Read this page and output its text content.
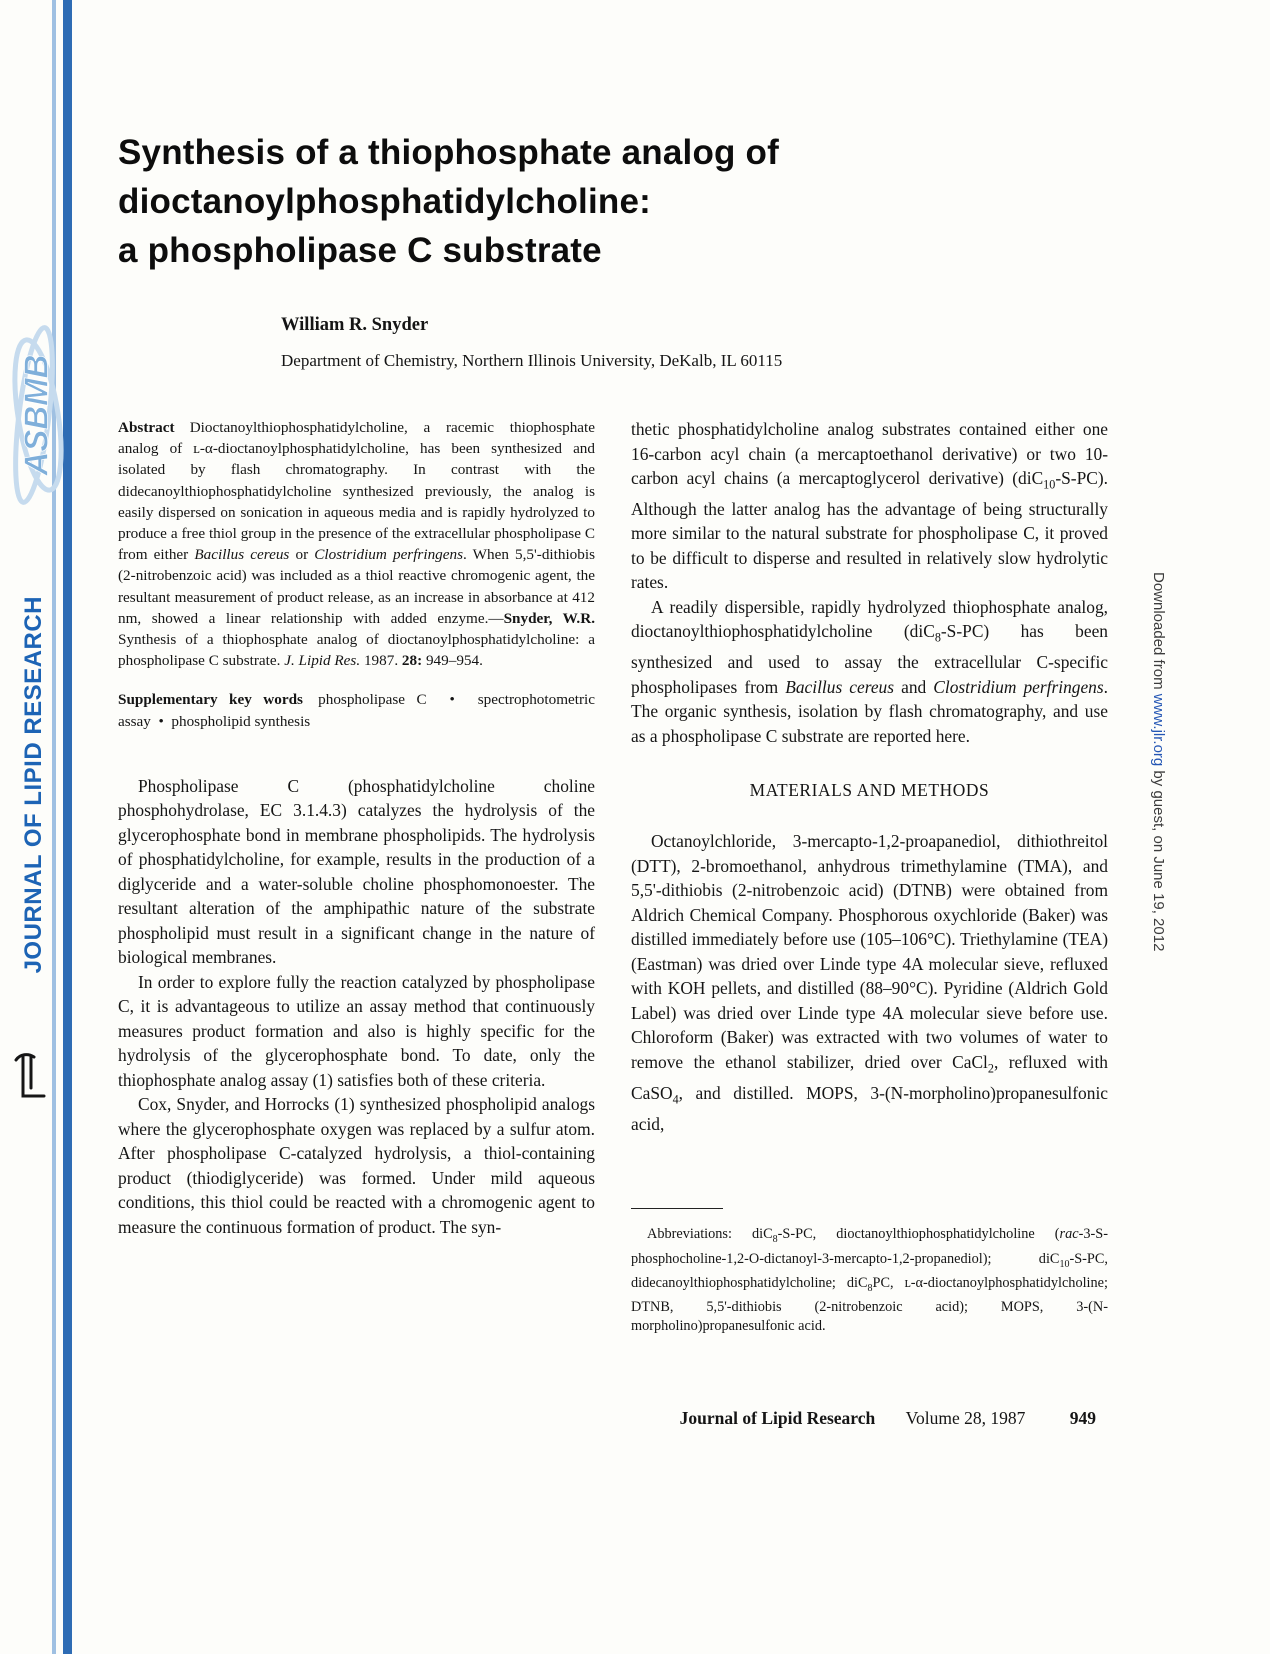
ASBMB
JOURNAL OF LIPID RESEARCH	Downloaded from www.jlr.org by guest, on June 19, 2012
Synthesis of a thiophosphate analog of
dioctanoylphosphatidylcholine:
a phospholipase C substrate
William R. Snyder
Department of Chemistry, Northern Illinois University, DeKalb, IL 60115
Abstract Dioctanoylthiophosphatidylcholine, a racemic thiophosphate analog of ʟ-α-dioctanoylphosphatidylcholine, has been synthesized and isolated by flash chromatography. In contrast with the didecanoylthiophosphatidylcholine synthesized previously, the analog is easily dispersed on sonication in aqueous media and is rapidly hydrolyzed to produce a free thiol group in the presence of the extracellular phospholipase C from either Bacillus cereus or Clostridium perfringens. When 5,5'-dithiobis (2-nitrobenzoic acid) was included as a thiol reactive chromogenic agent, the resultant measurement of product release, as an increase in absorbance at 412 nm, showed a linear relationship with added enzyme.—Snyder, W.R. Synthesis of a thiophosphate analog of dioctanoylphosphatidylcholine: a phospholipase C substrate. J. Lipid Res. 1987. 28: 949–954.
Supplementary key words phospholipase C  •  spectrophotometric assay  •  phospholipid synthesis

Phospholipase C (phosphatidylcholine choline phosphohydrolase, EC 3.1.4.3) catalyzes the hydrolysis of the glycerophosphate bond in membrane phospholipids. The hydrolysis of phosphatidylcholine, for example, results in the production of a diglyceride and a water-soluble choline phosphomonoester. The resultant alteration of the amphipathic nature of the substrate phospholipid must result in a significant change in the nature of biological membranes.

In order to explore fully the reaction catalyzed by phospholipase C, it is advantageous to utilize an assay method that continuously measures product formation and also is highly specific for the hydrolysis of the glycerophosphate bond. To date, only the thiophosphate analog assay (1) satisfies both of these criteria.

Cox, Snyder, and Horrocks (1) synthesized phospholipid analogs where the glycerophosphate oxygen was replaced by a sulfur atom. After phospholipase C-catalyzed hydrolysis, a thiol-containing product (thiodiglyceride) was formed. Under mild aqueous conditions, this thiol could be reacted with a chromogenic agent to measure the continuous formation of product. The syn-

thetic phosphatidylcholine analog substrates contained either one 16-carbon acyl chain (a mercaptoethanol derivative) or two 10-carbon acyl chains (a mercaptoglycerol derivative) (diC$_{10}$-S-PC). Although the latter analog has the advantage of being structurally more similar to the natural substrate for phospholipase C, it proved to be difficult to disperse and resulted in relatively slow hydrolytic rates.

A readily dispersible, rapidly hydrolyzed thiophosphate analog, dioctanoylthiophosphatidylcholine (diC$_8$-S-PC) has been synthesized and used to assay the extracellular C-specific phospholipases from Bacillus cereus and Clostridium perfringens. The organic synthesis, isolation by flash chromatography, and use as a phospholipase C substrate are reported here.

MATERIALS AND METHODS

Octanoylchloride, 3-mercapto-1,2-proapanediol, dithiothreitol (DTT), 2-bromoethanol, anhydrous trimethylamine (TMA), and 5,5'-dithiobis (2-nitrobenzoic acid) (DTNB) were obtained from Aldrich Chemical Company. Phosphorous oxychloride (Baker) was distilled immediately before use (105–106°C). Triethylamine (TEA) (Eastman) was dried over Linde type 4A molecular sieve, refluxed with KOH pellets, and distilled (88–90°C). Pyridine (Aldrich Gold Label) was dried over Linde type 4A molecular sieve before use. Chloroform (Baker) was extracted with two volumes of water to remove the ethanol stabilizer, dried over CaCl$_2$, refluxed with CaSO$_4$, and distilled. MOPS, 3-(N-morpholino)propanesulfonic acid,

Abbreviations: diC$_8$-S-PC, dioctanoylthiophosphatidylcholine (rac-3-S-phosphocholine-1,2-O-dictanoyl-3-mercapto-1,2-propanediol); diC$_{10}$-S-PC, didecanoylthiophosphatidylcholine; diC$_8$PC, ʟ-α-dioctanoylphosphatidylcholine; DTNB, 5,5'-dithiobis (2-nitrobenzoic acid); MOPS, 3-(N-morpholino)propanesulfonic acid.
Journal of Lipid Research Volume 28, 1987	949
